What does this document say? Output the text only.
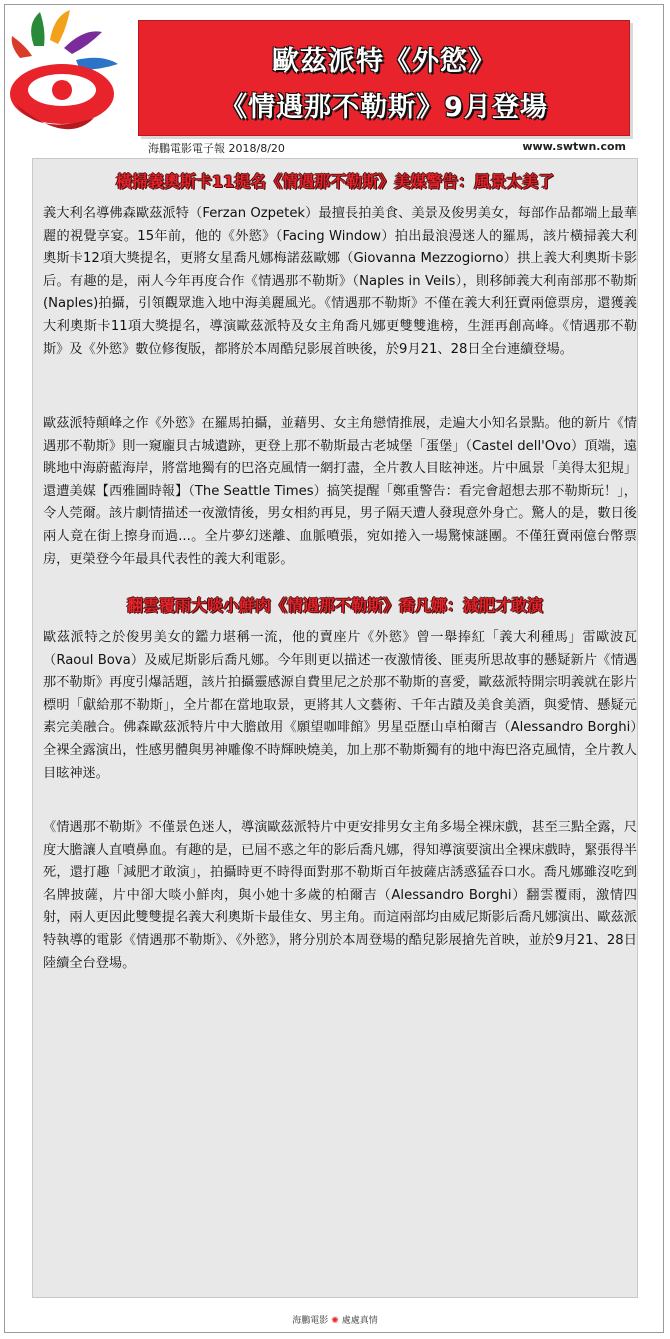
歐茲派特《外慾》
《情遇那不勒斯》9月登場
海鵬電影電子報 2018/8/20	www.swtwn.com
橫掃義奧斯卡11提名《情遇那不勒斯》美媒警告：風景太美了
義大利名導佛森歐茲派特（Ferzan Ozpetek）最擅長拍美食、美景及俊男美女，每部作品都端上最華麗的視覺享宴。15年前，他的《外慾》（Facing Window）拍出最浪漫迷人的羅馬，該片橫掃義大利奧斯卡12項大獎提名，更將女星喬凡娜梅諾茲歐娜（Giovanna Mezzogiorno）拱上義大利奧斯卡影后。有趣的是，兩人今年再度合作《情遇那不勒斯》（Naples in Veils），則移師義大利南部那不勒斯(Naples)拍攝，引領觀眾進入地中海美麗風光。《情遇那不勒斯》不僅在義大利狂賣兩億票房，還獲義大利奧斯卡11項大獎提名，導演歐茲派特及女主角喬凡娜更雙雙進榜，生涯再創高峰。《情遇那不勒斯》及《外慾》數位修復版，都將於本周酷兒影展首映後，於9月21、28日全台連續登場。
歐茲派特顛峰之作《外慾》在羅馬拍攝，並藉男、女主角戀情推展，走遍大小知名景點。他的新片《情遇那不勒斯》則一窺龐貝古城遺跡，更登上那不勒斯最古老城堡「蛋堡」（Castel dell'Ovo）頂端，遠眺地中海蔚藍海岸，將當地獨有的巴洛克風情一網打盡，全片教人目眩神迷。片中風景「美得太犯規」還遭美媒【西雅圖時報】（The Seattle Times）搞笑提醒「鄭重警告：看完會超想去那不勒斯玩！」，令人莞爾。該片劇情描述一夜激情後，男女相約再見，男子隔天遭人發現意外身亡。驚人的是，數日後兩人竟在街上擦身而過...。全片夢幻迷離、血脈噴張，宛如捲入一場驚悚謎團。不僅狂賣兩億台幣票房，更榮登今年最具代表性的義大利電影。
翻雲覆雨大啖小鮮肉《情遇那不勒斯》喬凡娜：減肥才敢演
歐茲派特之於俊男美女的鑑力堪稱一流，他的賣座片《外慾》曾一舉捧紅「義大利種馬」雷歐波瓦（Raoul Bova）及威尼斯影后喬凡娜。今年則更以描述一夜激情後、匪夷所思故事的懸疑新片《情遇那不勒斯》再度引爆話題，該片拍攝靈感源自費里尼之於那不勒斯的喜愛，歐茲派特開宗明義就在影片標明「獻給那不勒斯」，全片都在當地取景，更將其人文藝術、千年古蹟及美食美酒，與愛情、懸疑元素完美融合。佛森歐茲派特片中大膽啟用《願望咖啡館》男星亞歷山卓柏爾吉（Alessandro Borghi）全裸全露演出，性感男體與男神雕像不時輝映燒美，加上那不勒斯獨有的地中海巴洛克風情，全片教人目眩神迷。
《情遇那不勒斯》不僅景色迷人，導演歐茲派特片中更安排男女主角多場全裸床戲，甚至三點全露，尺度大膽讓人直噴鼻血。有趣的是，已屆不惑之年的影后喬凡娜，得知導演要演出全裸床戲時，緊張得半死，還打趣「減肥才敢演」，拍攝時更不時得面對那不勒斯百年披薩店誘惑猛吞口水。喬凡娜雖沒吃到名牌披薩，片中卻大啖小鮮肉，與小她十多歲的柏爾吉（Alessandro Borghi）翻雲覆雨，激情四射，兩人更因此雙雙提名義大利奧斯卡最佳女、男主角。而這兩部均由威尼斯影后喬凡娜演出、歐茲派特執導的電影《情遇那不勒斯》、《外慾》，將分別於本周登場的酷兒影展搶先首映，並於9月21、28日陸續全台登場。
海鵬電影 ✺ 處處真情
